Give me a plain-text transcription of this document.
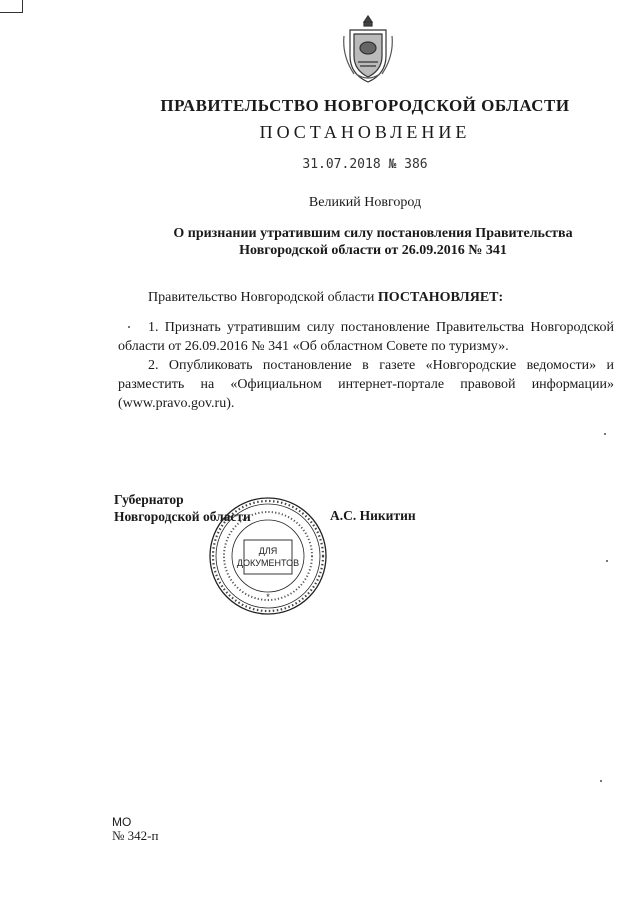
ПРАВИТЕЛЬСТВО НОВГОРОДСКОЙ ОБЛАСТИ
ПОСТАНОВЛЕНИЕ
31.07.2018 № 386
Великий Новгород
О признании утратившим силу постановления Правительства
Новгородской области от 26.09.2016 № 341
Правительство Новгородской области ПОСТАНОВЛЯЕТ:

1. Признать утратившим силу постановление Правительства Новгородской области от 26.09.2016 № 341 «Об областном Совете по туризму».

2. Опубликовать постановление в газете «Новгородские ведомости» и разместить на «Официальном интернет-портале правовой информации» (www.pravo.gov.ru).

Губернатор
Новгородской области
ДЛЯ
ДОКУМЕНТОВ
*
А.С. Никитин
МО
№ 342-п
